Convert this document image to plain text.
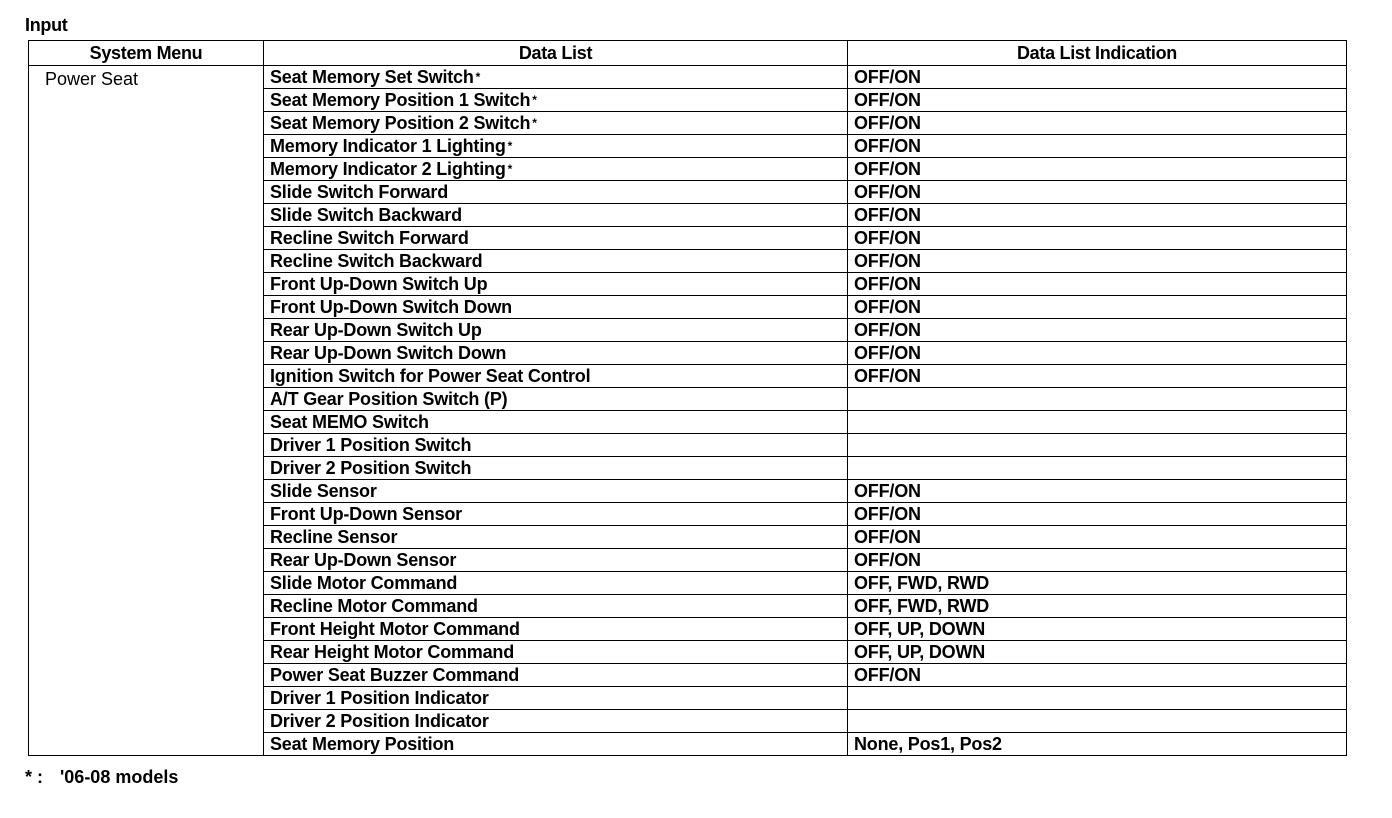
Input
System Menu	Data List	Data List Indication
Power Seat	Seat Memory Set Switch *	OFF/ON
	Seat Memory Position 1 Switch *	OFF/ON
	Seat Memory Position 2 Switch *	OFF/ON
	Memory Indicator 1 Lighting *	OFF/ON
	Memory Indicator 2 Lighting *	OFF/ON
	Slide Switch Forward	OFF/ON
	Slide Switch Backward	OFF/ON
	Recline Switch Forward	OFF/ON
	Recline Switch Backward	OFF/ON
	Front Up-Down Switch Up	OFF/ON
	Front Up-Down Switch Down	OFF/ON
	Rear Up-Down Switch Up	OFF/ON
	Rear Up-Down Switch Down	OFF/ON
	Ignition Switch for Power Seat Control	OFF/ON
	A/T Gear Position Switch (P)	
	Seat MEMO Switch	
	Driver 1 Position Switch	
	Driver 2 Position Switch	
	Slide Sensor	OFF/ON
	Front Up-Down Sensor	OFF/ON
	Recline Sensor	OFF/ON
	Rear Up-Down Sensor	OFF/ON
	Slide Motor Command	OFF, FWD, RWD
	Recline Motor Command	OFF, FWD, RWD
	Front Height Motor Command	OFF, UP, DOWN
	Rear Height Motor Command	OFF, UP, DOWN
	Power Seat Buzzer Command	OFF/ON
	Driver 1 Position Indicator	
	Driver 2 Position Indicator	
	Seat Memory Position	None, Pos1, Pos2
* : '06-08 models
